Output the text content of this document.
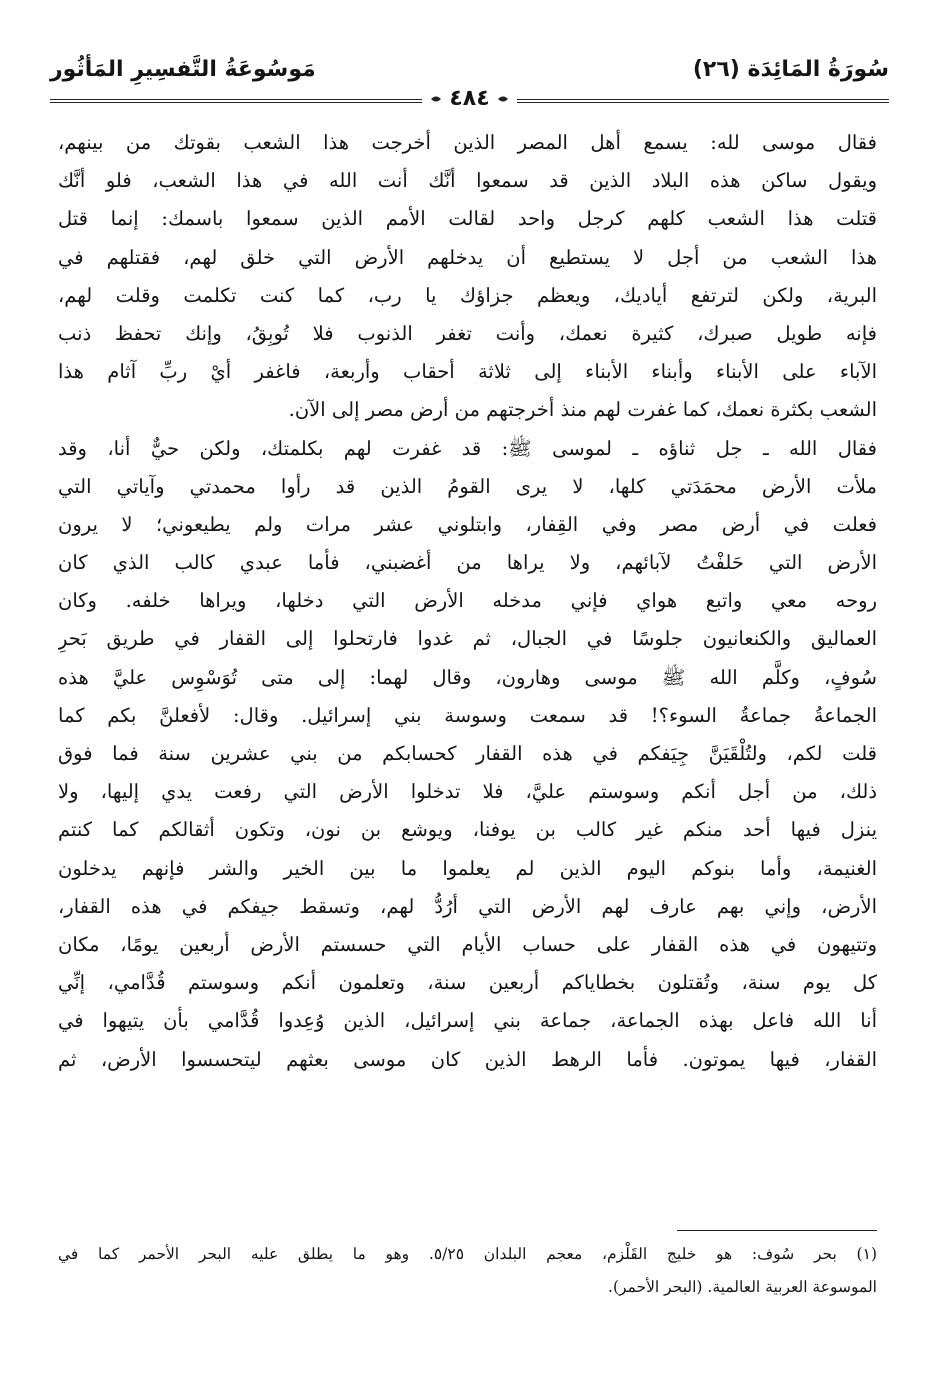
سُورَةُ المَائِدَة (٢٦)
مَوسُوعَةُ التَّفسِيرِ المَأثُور
٤٨٤
فقال موسى لله: يسمع أهل المصر الذين أخرجت هذا الشعب بقوتك من بينهم،
ويقول ساكن هذه البلاد الذين قد سمعوا أنَّك أنت الله في هذا الشعب، فلو أنَّك
قتلت هذا الشعب كلهم كرجل واحد لقالت الأمم الذين سمعوا باسمك: إنما قتل
هذا الشعب من أجل لا يستطيع أن يدخلهم الأرض التي خلق لهم، فقتلهم في
البرية، ولكن لترتفع أياديك، ويعظم جزاؤك يا رب، كما كنت تكلمت وقلت لهم،
فإنه طويل صبرك، كثيرة نعمك، وأنت تغفر الذنوب فلا تُوبِقُ، وإنك تحفظ ذنب
الآباء على الأبناء وأبناء الأبناء إلى ثلاثة أحقاب وأربعة، فاغفر أيْ ربِّ آثام هذا
الشعب بكثرة نعمك، كما غفرت لهم منذ أخرجتهم من أرض مصر إلى الآن.
فقال الله ـ جل ثناؤه ـ لموسى ﷺ: قد غفرت لهم بكلمتك، ولكن حيٌّ أنا، وقد
ملأت الأرض محمَدَتي كلها، لا يرى القومُ الذين قد رأوا محمدتي وآياتي التي
فعلت في أرض مصر وفي القِفار، وابتلوني عشر مرات ولم يطيعوني؛ لا يرون
الأرض التي حَلفْتُ لآبائهم، ولا يراها من أغضبني، فأما عبدي كالب الذي كان
روحه معي واتبع هواي فإني مدخله الأرض التي دخلها، ويراها خلفه. وكان
العماليق والكنعانيون جلوسًا في الجبال، ثم غدوا فارتحلوا إلى القفار في طريق بَحرِ
سُوفٍ، وكلَّم الله ﷺ موسى وهارون، وقال لهما: إلى متى تُوَسْوِس عليَّ هذه
الجماعةُ جماعةُ السوء؟! قد سمعت وسوسة بني إسرائيل. وقال: لأفعلنَّ بكم كما
قلت لكم، ولتُلْقَيَنَّ جِيَفكم في هذه القفار كحسابكم من بني عشرين سنة فما فوق
ذلك، من أجل أنكم وسوستم عليَّ، فلا تدخلوا الأرض التي رفعت يدي إليها، ولا
ينزل فيها أحد منكم غير كالب بن يوفنا، ويوشع بن نون، وتكون أثقالكم كما كنتم
الغنيمة، وأما بنوكم اليوم الذين لم يعلموا ما بين الخير والشر فإنهم يدخلون
الأرض، وإني بهم عارف لهم الأرض التي أرُدُّ لهم، وتسقط جيفكم في هذه القفار،
وتتيهون في هذه القفار على حساب الأيام التي حسستم الأرض أربعين يومًا، مكان
كل يوم سنة، وتُقتلون بخطاياكم أربعين سنة، وتعلمون أنكم وسوستم قُدَّامي، إنِّي
أنا الله فاعل بهذه الجماعة، جماعة بني إسرائيل، الذين وُعِدوا قُدَّامي بأن يتيهوا في
القفار، فيها يموتون. فأما الرهط الذين كان موسى بعثهم ليتحسسوا الأرض، ثم
(١) بحر سُوف: هو خليج القَلْزم، معجم البلدان ٥/٢٥. وهو ما يطلق عليه البحر الأحمر كما في
الموسوعة العربية العالمية. (البحر الأحمر).
